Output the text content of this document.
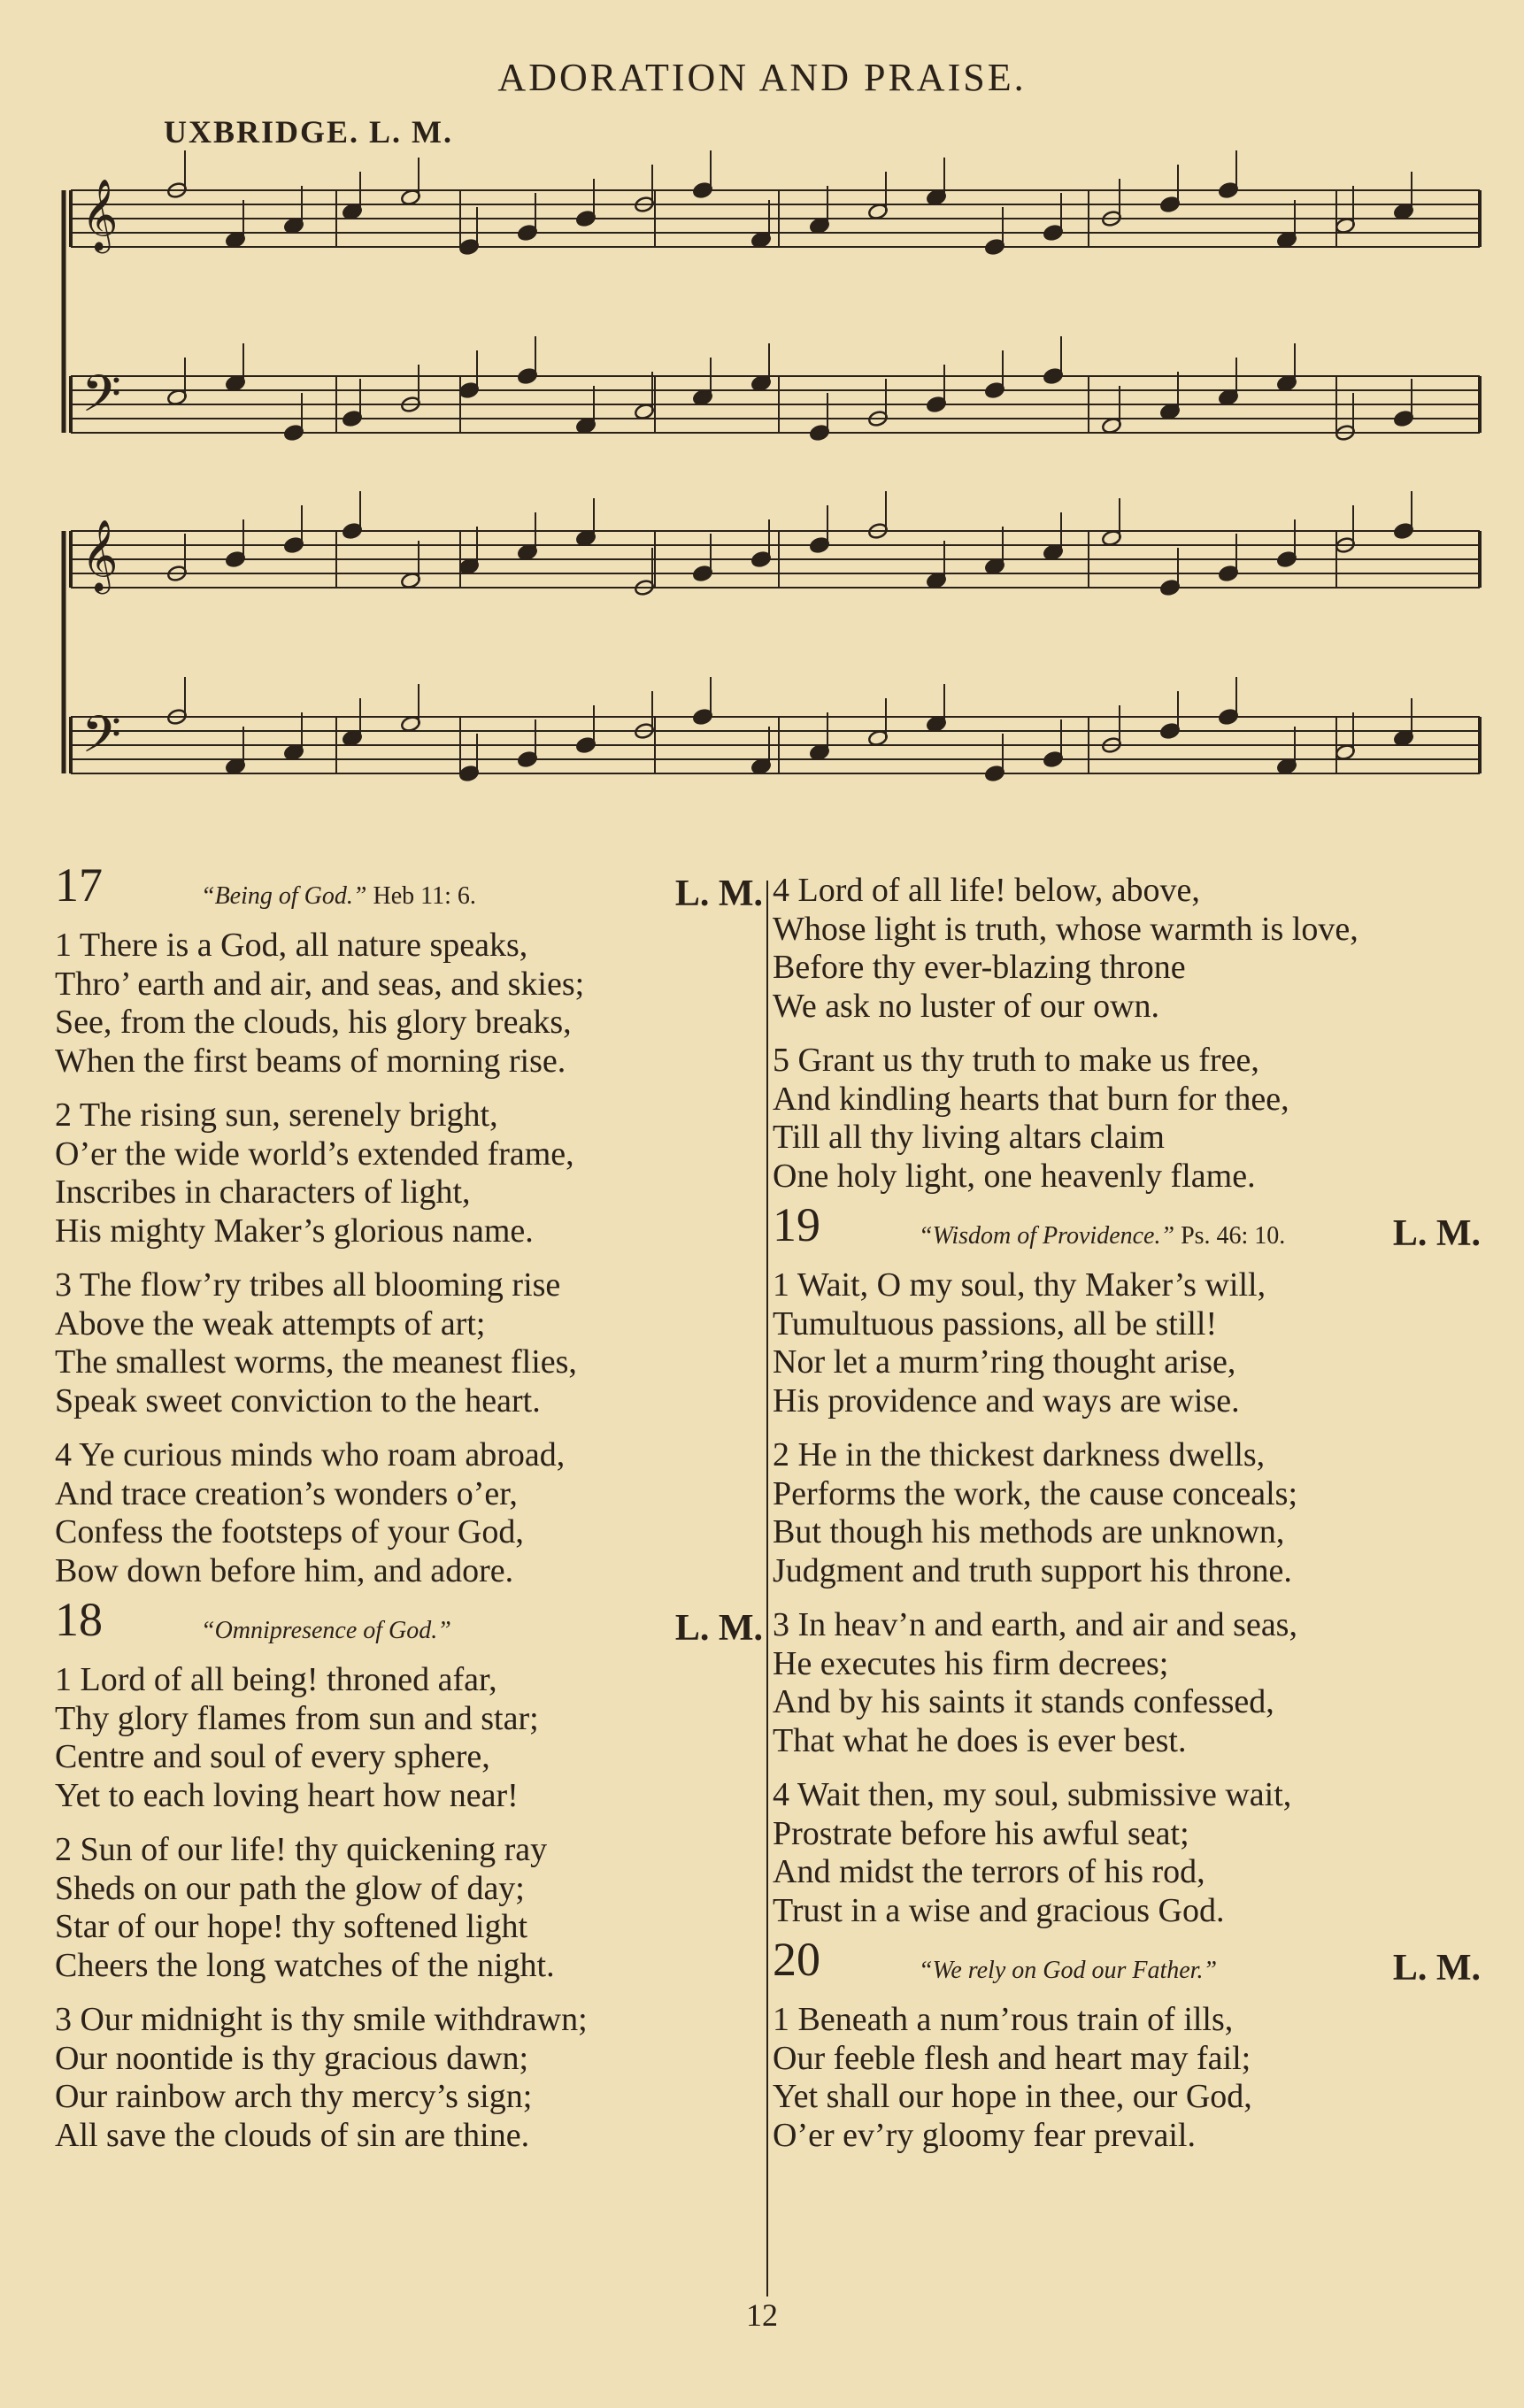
ADORATION AND PRAISE.
UXBRIDGE. L. M.
𝄞
𝄢
𝄞
𝄢
17	“Being of God.” Heb 11: 6.	L. M.
1 There is a God, all nature speaks,
Thro’ earth and air, and seas, and skies;
See, from the clouds, his glory breaks,
When the first beams of morning rise.
2 The rising sun, serenely bright,
O’er the wide world’s extended frame,
Inscribes in characters of light,
His mighty Maker’s glorious name.
3 The flow’ry tribes all blooming rise
Above the weak attempts of art;
The smallest worms, the meanest flies,
Speak sweet conviction to the heart.
4 Ye curious minds who roam abroad,
And trace creation’s wonders o’er,
Confess the footsteps of your God,
Bow down before him, and adore.
18	“Omnipresence of God.”	L. M.
1 Lord of all being! throned afar,
Thy glory flames from sun and star;
Centre and soul of every sphere,
Yet to each loving heart how near!
2 Sun of our life! thy quickening ray
Sheds on our path the glow of day;
Star of our hope! thy softened light
Cheers the long watches of the night.
3 Our midnight is thy smile withdrawn;
Our noontide is thy gracious dawn;
Our rainbow arch thy mercy’s sign;
All save the clouds of sin are thine.
4 Lord of all life! below, above,
Whose light is truth, whose warmth is love,
Before thy ever-blazing throne
We ask no luster of our own.
5 Grant us thy truth to make us free,
And kindling hearts that burn for thee,
Till all thy living altars claim
One holy light, one heavenly flame.
19	“Wisdom of Providence.” Ps. 46: 10.	L. M.
1 Wait, O my soul, thy Maker’s will,
Tumultuous passions, all be still!
Nor let a murm’ring thought arise,
His providence and ways are wise.
2 He in the thickest darkness dwells,
Performs the work, the cause conceals;
But though his methods are unknown,
Judgment and truth support his throne.
3 In heav’n and earth, and air and seas,
He executes his firm decrees;
And by his saints it stands confessed,
That what he does is ever best.
4 Wait then, my soul, submissive wait,
Prostrate before his awful seat;
And midst the terrors of his rod,
Trust in a wise and gracious God.
20	“We rely on God our Father.”	L. M.
1 Beneath a num’rous train of ills,
Our feeble flesh and heart may fail;
Yet shall our hope in thee, our God,
O’er ev’ry gloomy fear prevail.
12
